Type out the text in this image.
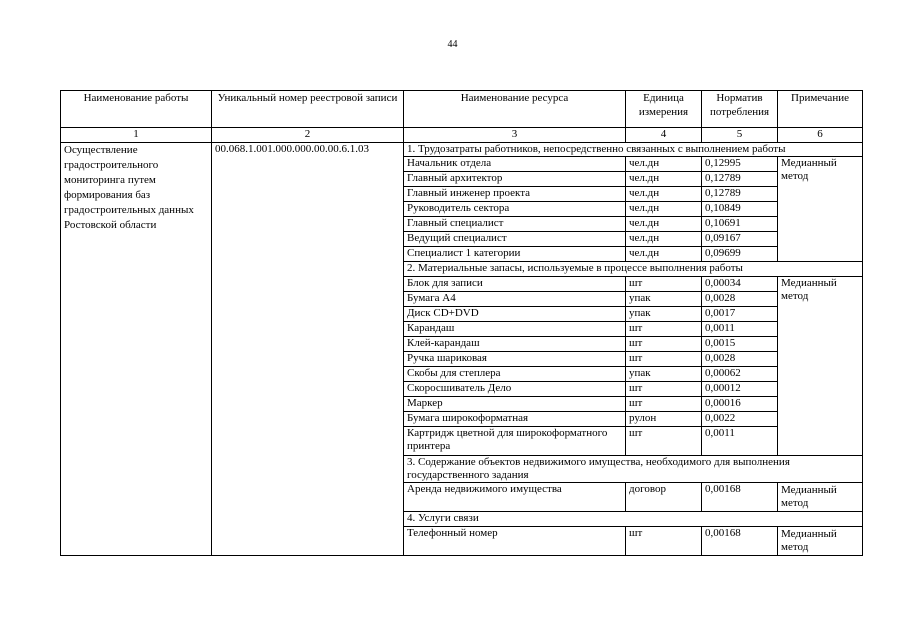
44
Наименование работы	Уникальный номер реестровой записи	Наименование ресурса	Единица измерения	Норматив потребления	Примечание
1	2	3	4	5	6
Осуществление градостроительного мониторинга путем формирования баз градостроительных данных Ростовской области	00.068.1.001.000.000.00.00.6.1.03	1. Трудозатраты работников, непосредственно связанных с выполнением работы			
		Начальник отдела	чел.дн	0,12995	Медианный метод
		Главный архитектор	чел.дн	0,12789	
		Главный инженер проекта	чел.дн	0,12789	
		Руководитель сектора	чел.дн	0,10849	
		Главный специалист	чел.дн	0,10691	
		Ведущий специалист	чел.дн	0,09167	
		Специалист 1 категории	чел.дн	0,09699	
		2. Материальные запасы, используемые в процессе выполнения работы			
		Блок для записи	шт	0,00034	Медианный метод
		Бумага А4	упак	0,0028	
		Диск CD+DVD	упак	0,0017	
		Карандаш	шт	0,0011	
		Клей-карандаш	шт	0,0015	
		Ручка шариковая	шт	0,0028	
		Скобы для степлера	упак	0,00062	
		Скоросшиватель Дело	шт	0,00012	
		Маркер	шт	0,00016	
		Бумага широкоформатная	рулон	0,0022	
		Картридж цветной для широкоформатного принтера	шт	0,0011	
		3. Содержание объектов недвижимого имущества, необходимого для выполнения государственного задания			
		Аренда недвижимого имущества	договор	0,00168	Медианный метод
		4. Услуги связи			
		Телефонный номер	шт	0,00168	Медианный метод
